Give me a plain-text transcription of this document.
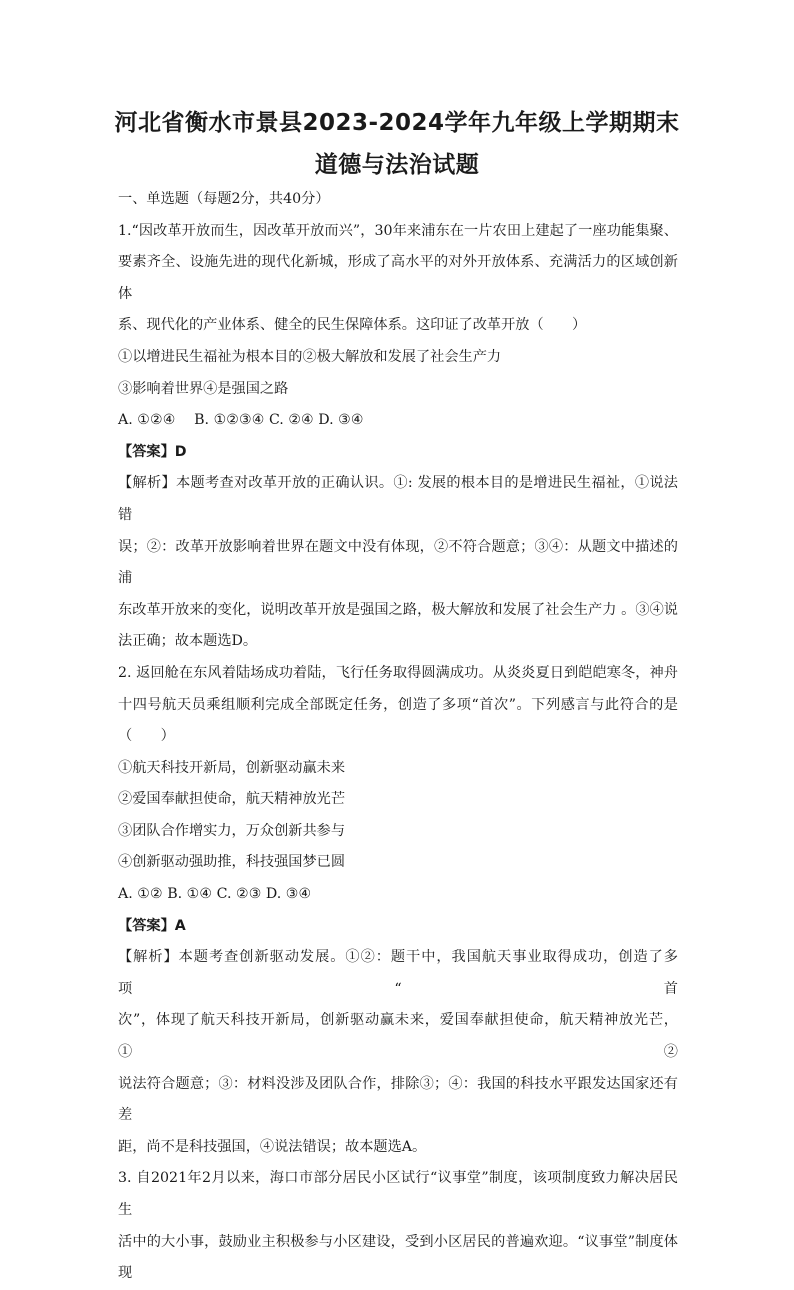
河北省衡水市景县2023-2024学年九年级上学期期末
道德与法治试题

一、单选题（每题2分，共40分）

1.“因改革开放而生，因改革开放而兴”，30年来浦东在一片农田上建起了一座功能集聚、

要素齐全、设施先进的现代化新城，形成了高水平的对外开放体系、充满活力的区域创新体

系、现代化的产业体系、健全的民生保障体系。这印证了改革开放（　　）

①以增进民生福祉为根本目的②极大解放和发展了社会生产力

③影响着世界④是强国之路

A. ①②④　 B. ①②③④ C. ②④ D. ③④

【答案】D

【解析】本题考查对改革开放的正确认识。①: 发展的根本目的是增进民生福祉，①说法错

误；②：改革开放影响着世界在题文中没有体现，②不符合题意；③④：从题文中描述的浦

东改革开放来的变化，说明改革开放是强国之路，极大解放和发展了社会生产力 。③④说

法正确；故本题选D。

2. 返回舱在东风着陆场成功着陆，飞行任务取得圆满成功。从炎炎夏日到皑皑寒冬，神舟

十四号航天员乘组顺利完成全部既定任务，创造了多项“首次”。下列感言与此符合的是

（　　）

①航天科技开新局，创新驱动赢未来

②爱国奉献担使命，航天精神放光芒

③团队合作增实力，万众创新共参与

④创新驱动强助推，科技强国梦已圆

A. ①② B. ①④ C. ②③ D. ③④

【答案】A

【解析】本题考查创新驱动发展。①②：题干中，我国航天事业取得成功，创造了多项“首

次”，体现了航天科技开新局，创新驱动赢未来，爱国奉献担使命，航天精神放光芒，①②

说法符合题意；③：材料没涉及团队合作，排除③；④：我国的科技水平跟发达国家还有差

距，尚不是科技强国，④说法错误；故本题选A。

3. 自2021年2月以来，海口市部分居民小区试行“议事堂”制度，该项制度致力解决居民生

活中的大小事，鼓励业主积极参与小区建设，受到小区居民的普遍欢迎。“议事堂”制度体现
